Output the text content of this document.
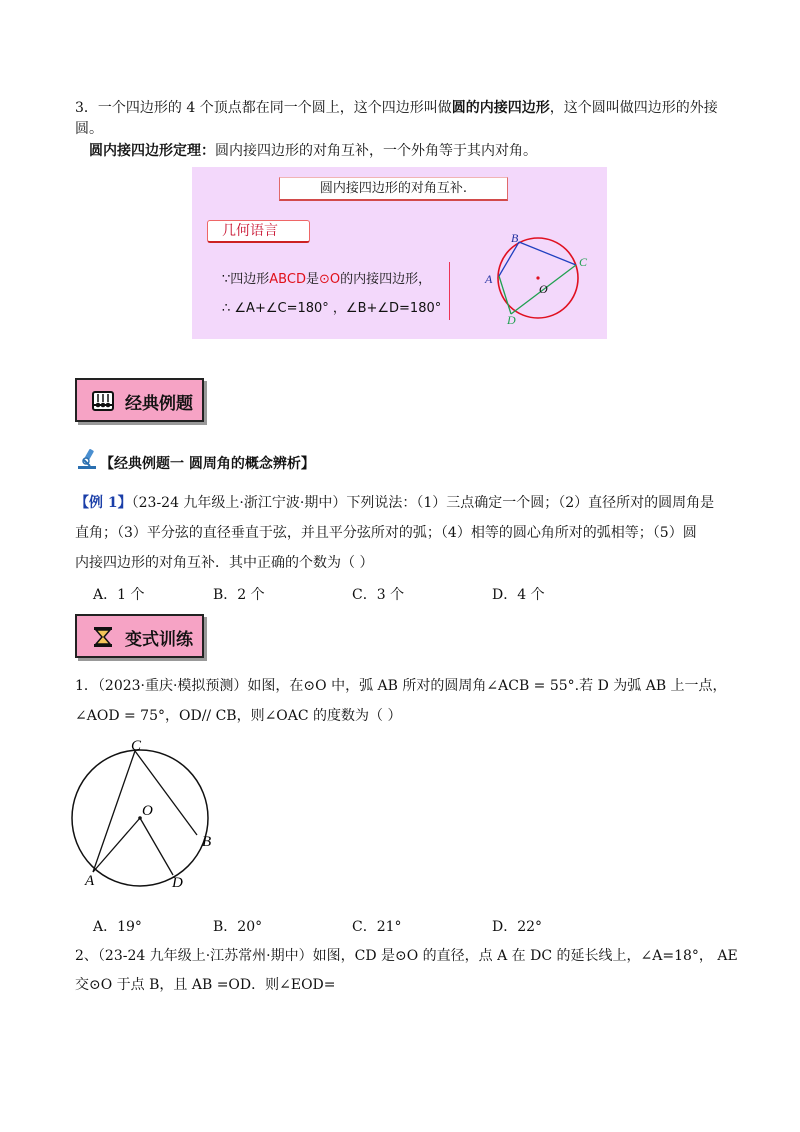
3．一个四边形的 4 个顶点都在同一个圆上，这个四边形叫做圆的内接四边形，这个圆叫做四边形的外接
圆。
圆内接四边形定理：圆内接四边形的对角互补，一个外角等于其内对角。
圆内接四边形的对角互补.
几何语言
∵四边形ABCD是⊙O的内接四边形，
∴ ∠A+∠C=180° ，∠B+∠D=180°
B
C
A
D
O
经典例题
【经典例题一 圆周角的概念辨析】
【例 1】（23-24 九年级上·浙江宁波·期中）下列说法：（1）三点确定一个圆；（2）直径所对的圆周角是
直角；（3）平分弦的直径垂直于弦，并且平分弦所对的弧；（4）相等的圆心角所对的弧相等；（5）圆
内接四边形的对角互补．其中正确的个数为（ ）
A．1 个	B．2 个	C．3 个	D．4 个
变式训练
1．（2023·重庆·模拟预测）如图，在⊙O 中，弧 AB 所对的圆周角∠ACB = 55°.若 D 为弧 AB 上一点，
∠AOD = 75°，OD// CB，则∠OAC 的度数为（ ）
C
O
B
A	D
A．19°	B．20°	C．21°	D．22°
2、（23-24 九年级上·江苏常州·期中）如图，CD 是⊙O 的直径，点 A 在 DC 的延长线上，∠A=18°， AE
交⊙O 于点 B，且 AB =OD．则∠EOD=
